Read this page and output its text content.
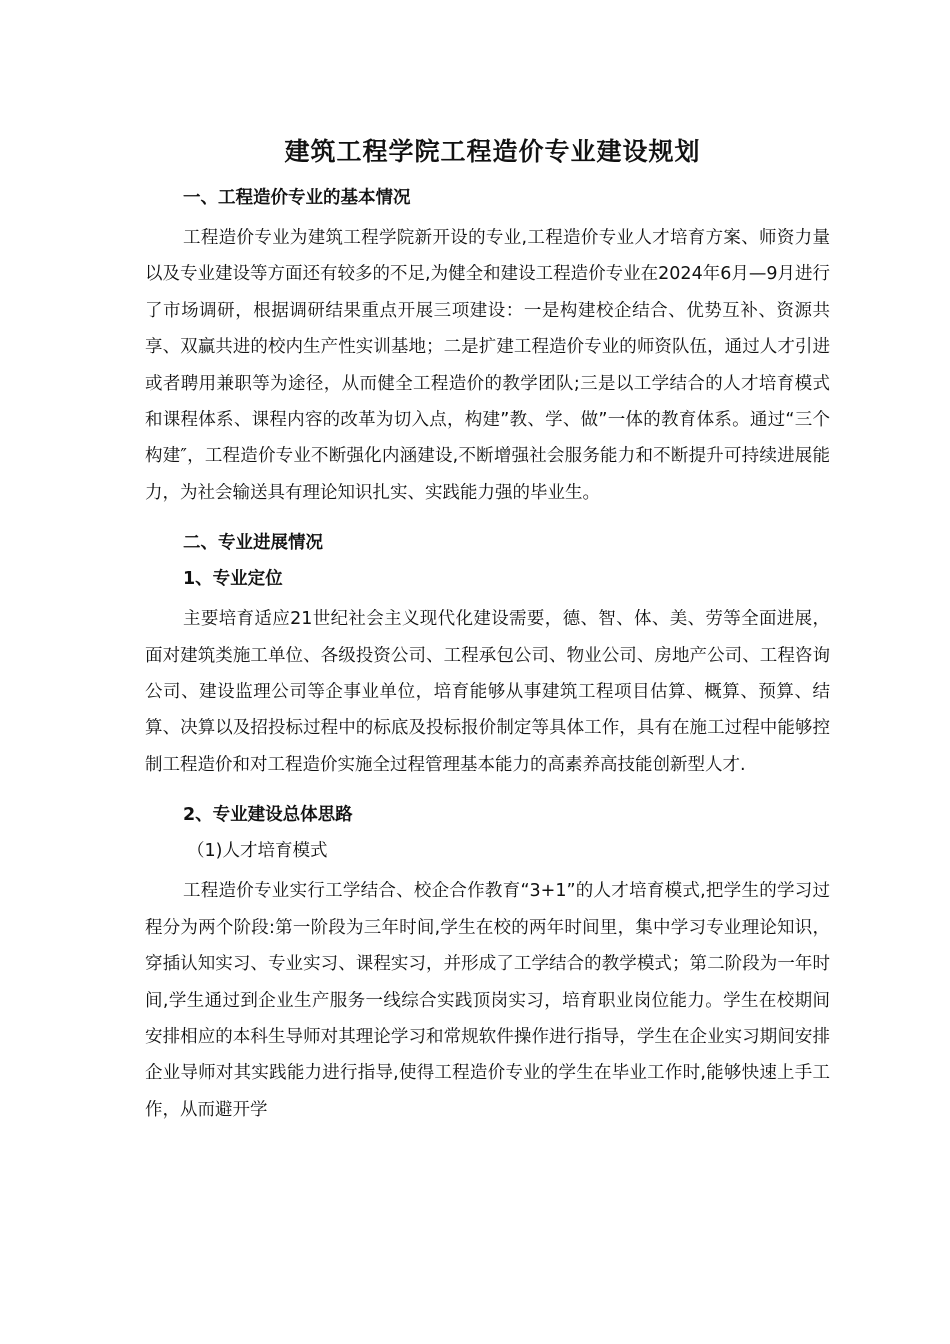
建筑工程学院工程造价专业建设规划
一、工程造价专业的基本情况

工程造价专业为建筑工程学院新开设的专业,工程造价专业人才培育方案、师资力量以及专业建设等方面还有较多的不足,为健全和建设工程造价专业在2024年6月—9月进行了市场调研，根据调研结果重点开展三项建设：一是构建校企结合、优势互补、资源共享、双赢共进的校内生产性实训基地；二是扩建工程造价专业的师资队伍，通过人才引进或者聘用兼职等为途径，从而健全工程造价的教学团队;三是以工学结合的人才培育模式和课程体系、课程内容的改革为切入点，构建”教、学、做”一体的教育体系。通过“三个构建″，工程造价专业不断强化内涵建设,不断增强社会服务能力和不断提升可持续进展能力，为社会输送具有理论知识扎实、实践能力强的毕业生。

二、专业进展情况
1、专业定位

主要培育适应21世纪社会主义现代化建设需要，德、智、体、美、劳等全面进展，面对建筑类施工单位、各级投资公司、工程承包公司、物业公司、房地产公司、工程咨询公司、建设监理公司等企事业单位，培育能够从事建筑工程项目估算、概算、预算、结算、决算以及招投标过程中的标底及投标报价制定等具体工作，具有在施工过程中能够控制工程造价和对工程造价实施全过程管理基本能力的高素养高技能创新型人才.

2、专业建设总体思路
（1)人才培育模式

工程造价专业实行工学结合、校企合作教育“3+1”的人才培育模式,把学生的学习过程分为两个阶段:第一阶段为三年时间,学生在校的两年时间里，集中学习专业理论知识，穿插认知实习、专业实习、课程实习，并形成了工学结合的教学模式；第二阶段为一年时间,学生通过到企业生产服务一线综合实践顶岗实习，培育职业岗位能力。学生在校期间安排相应的本科生导师对其理论学习和常规软件操作进行指导，学生在企业实习期间安排企业导师对其实践能力进行指导,使得工程造价专业的学生在毕业工作时,能够快速上手工作，从而避开学
